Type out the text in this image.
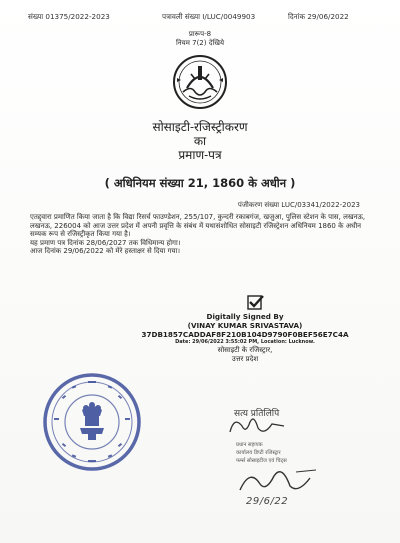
संख्या 01375/2022-2023	पत्रावली संख्या I/LUC/0049903	दिनांक 29/06/2022
प्रारूप-8
नियम 7(2) देखिये
सोसाइटी-रजिस्ट्रीकरण
का
प्रमाण-पत्र
( अधिनियम संख्या 21, 1860 के अधीन )
पंजीकरण संख्या LUC/03341/2022-2023

एतद्द्वारा प्रमाणित किया जाता है कि विद्या रिसर्च फाउण्डेशन, 255/107, कुन्दरी रकाबगंज, खजुआ, पुलिस स्टेशन के पास, लखनऊ, लखनऊ, 226004 को आज उत्तर प्रदेश में अपनी प्रवृत्ति के संबंध में यथासंशोधित सोसाइटी रजिस्ट्रेशन अधिनियम 1860 के अधीन सम्यक रूप से रजिस्ट्रीकृत किया गया है।

यह प्रमाण पत्र दिनांक 28/06/2027 तक विधिमान्य होगा।

आज दिनांक 29/06/2022 को मेरे हस्ताक्षर से दिया गया।

Digitally Signed By
(VINAY KUMAR SRIVASTAVA)
37DB1857CADDAF8F210B104D9790F0BEF56E7C4A
Date: 29/06/2022 3:55:02 PM, Location: Lucknow.
सोसाइटी के रजिस्ट्रार,
उत्तर प्रदेश
सत्य प्रतिलिपि
प्रधान सहायक
कार्यालय डिप्टी रजिस्ट्रार
फर्म्स सोसाइटीज एवं चिट्स
29/6/22
